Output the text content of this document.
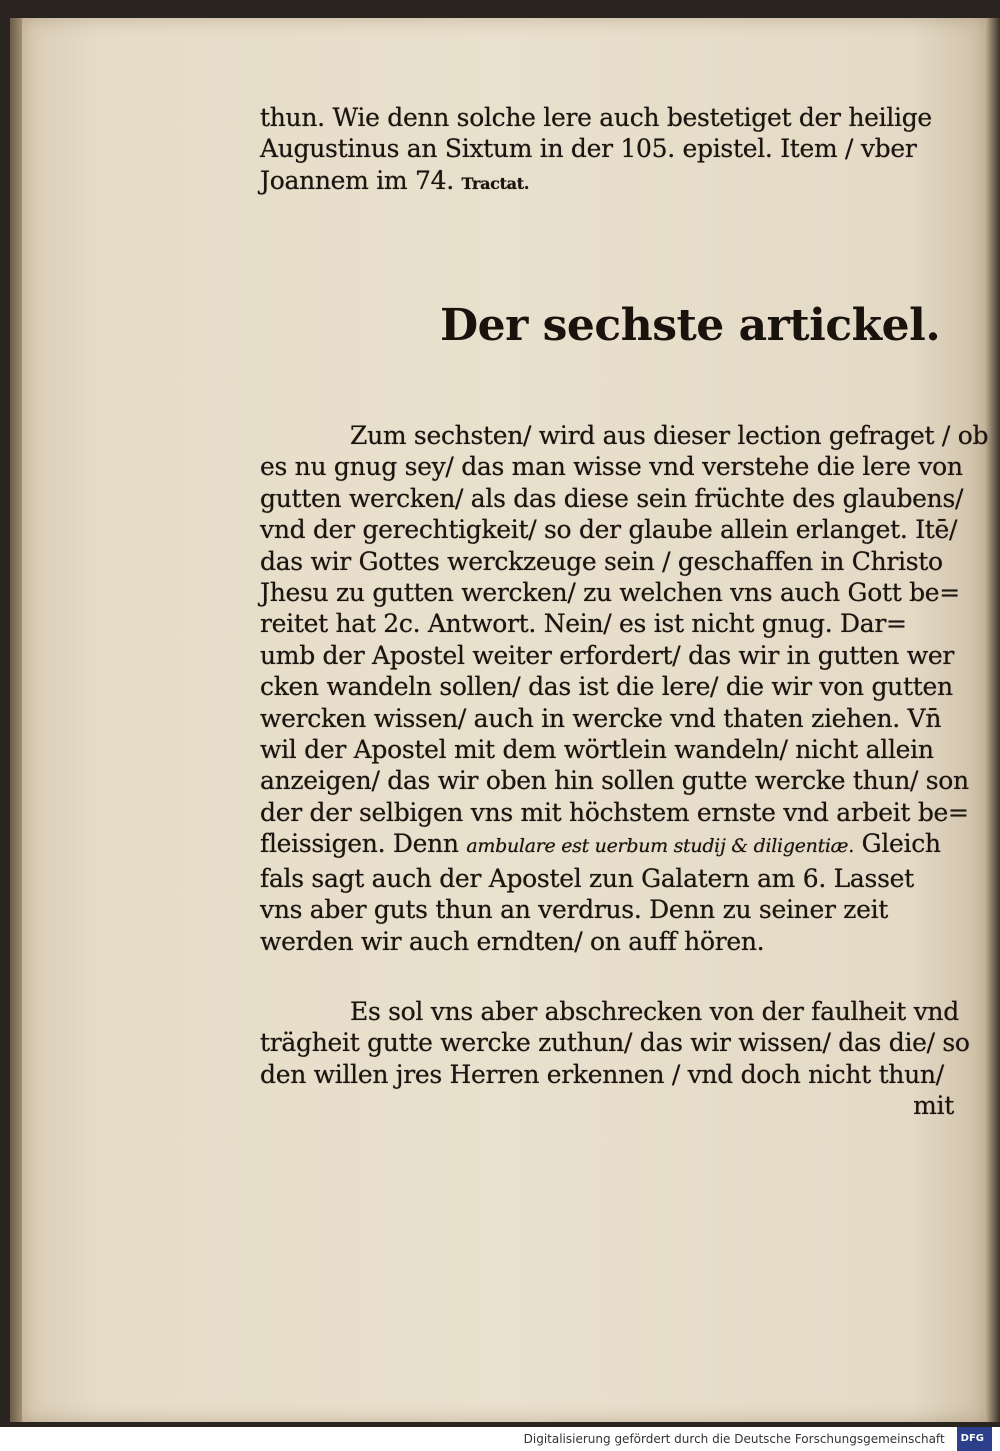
thun. Wie denn solche lere auch bestetiget der heilige
Augustinus an Sixtum in der 105. epistel. Item / vber
Joannem im 74. Tractat.
Der sechste artickel.
Zum sechsten/ wird aus dieser lection gefraget / ob
es nu gnug sey/ das man wisse vnd verstehe die lere von
gutten wercken/ als das diese sein früchte des glaubens/
vnd der gerechtigkeit/ so der glaube allein erlanget. Itē/
das wir Gottes werckzeuge sein / geschaffen in Christo
Jhesu zu gutten wercken/ zu welchen vns auch Gott be=
reitet hat 2c. Antwort. Nein/ es ist nicht gnug. Dar=
umb der Apostel weiter erfordert/ das wir in gutten wer
cken wandeln sollen/ das ist die lere/ die wir von gutten
wercken wissen/ auch in wercke vnd thaten ziehen. Vn̄
wil der Apostel mit dem wörtlein wandeln/ nicht allein
anzeigen/ das wir oben hin sollen gutte wercke thun/ son
der der selbigen vns mit höchstem ernste vnd arbeit be=
fleissigen. Denn ambulare est uerbum studij & diligentiæ. Gleich
fals sagt auch der Apostel zun Galatern am 6. Lasset
vns aber guts thun an verdrus. Denn zu seiner zeit
werden wir auch erndten/ on auff hören.
Es sol vns aber abschrecken von der faulheit vnd
trägheit gutte wercke zuthun/ das wir wissen/ das die/ so
den willen jres Herren erkennen / vnd doch nicht thun/
mit
Digitalisierung gefördert durch die Deutsche Forschungsgemeinschaft DFG
